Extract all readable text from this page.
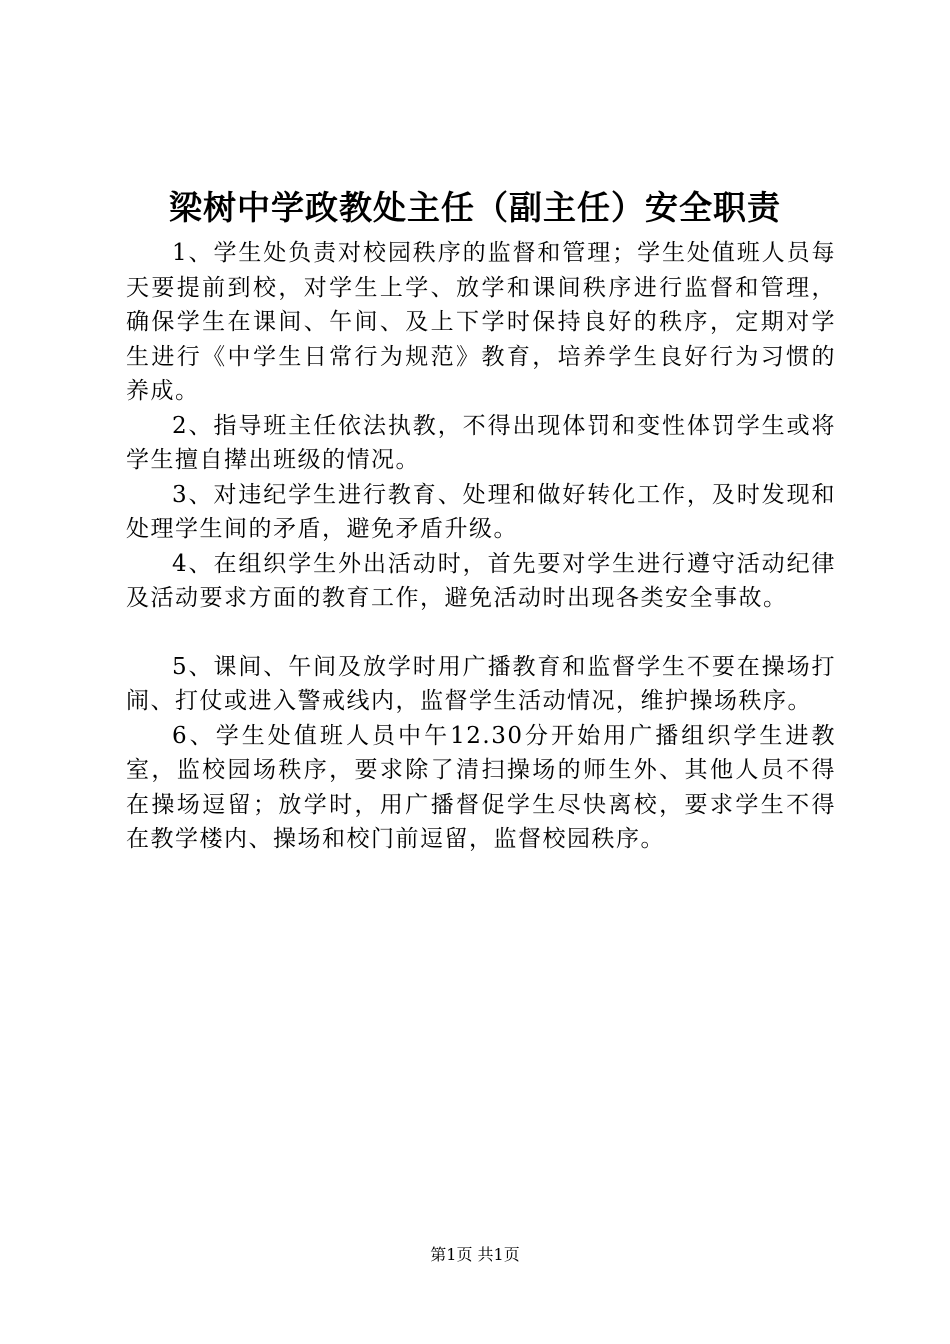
梁树中学政教处主任（副主任）安全职责

1、学生处负责对校园秩序的监督和管理；学生处值班人员每天要提前到校，对学生上学、放学和课间秩序进行监督和管理，确保学生在课间、午间、及上下学时保持良好的秩序，定期对学生进行《中学生日常行为规范》教育，培养学生良好行为习惯的养成。

2、指导班主任依法执教，不得出现体罚和变性体罚学生或将学生擅自撵出班级的情况。

3、对违纪学生进行教育、处理和做好转化工作，及时发现和处理学生间的矛盾，避免矛盾升级。

4、在组织学生外出活动时，首先要对学生进行遵守活动纪律及活动要求方面的教育工作，避免活动时出现各类安全事故。

5、课间、午间及放学时用广播教育和监督学生不要在操场打闹、打仗或进入警戒线内，监督学生活动情况，维护操场秩序。

6、学生处值班人员中午12.30分开始用广播组织学生进教室，监校园场秩序，要求除了清扫操场的师生外、其他人员不得在操场逗留；放学时，用广播督促学生尽快离校，要求学生不得在教学楼内、操场和校门前逗留，监督校园秩序。

第1页 共1页
